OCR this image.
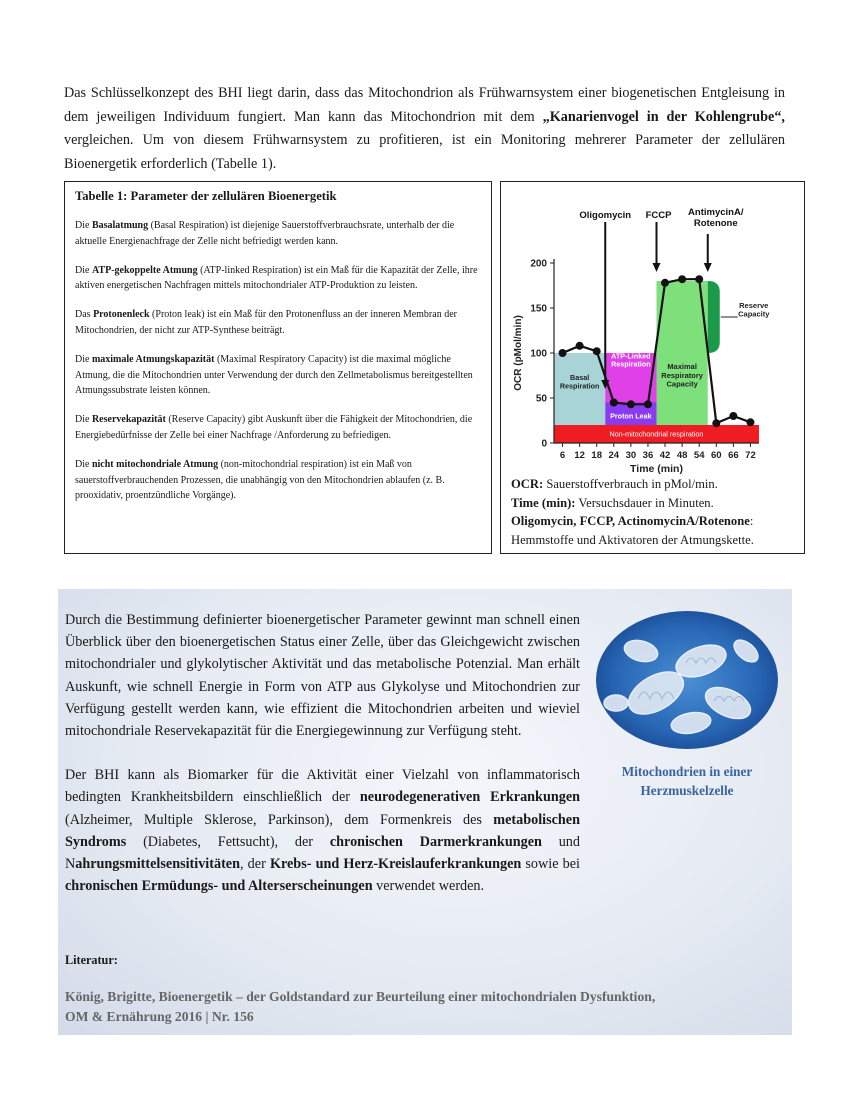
Das Schlüsselkonzept des BHI liegt darin, dass das Mitochondrion als Frühwarnsystem einer biogenetischen Entgleisung in dem jeweiligen Individuum fungiert. Man kann das Mitochondrion mit dem „Kanarienvogel in der Kohlengrube“, vergleichen. Um von diesem Frühwarnsystem zu profitieren, ist ein Monitoring mehrerer Parameter der zellulären Bioenergetik erforderlich (Tabelle 1).
Tabelle 1: Parameter der zellulären Bioenergetik
Die Basalatmung (Basal Respiration) ist diejenige Sauerstoffverbrauchsrate, unterhalb der die aktuelle Energienachfrage der Zelle nicht befriedigt werden kann.
Die ATP-gekoppelte Atmung (ATP-linked Respiration) ist ein Maß für die Kapazität der Zelle, ihre aktiven energetischen Nachfragen mittels mitochondrialer ATP-Produktion zu leisten.
Das Protonenleck (Proton leak) ist ein Maß für den Protonenfluss an der inneren Membran der Mitochondrien, der nicht zur ATP-Synthese beiträgt.
Die maximale Atmungskapazität (Maximal Respiratory Capacity) ist die maximal mögliche Atmung, die die Mitochondrien unter Verwendung der durch den Zellmetabolismus bereitgestellten Atmungssubstrate leisten können.
Die Reservekapazität (Reserve Capacity) gibt Auskunft über die Fähigkeit der Mitochondrien, die Energiebedürfnisse der Zelle bei einer Nachfrage /Anforderung zu befriedigen.
Die nicht mitochondriale Atmung (non-mitochondrial respiration) ist ein Maß von sauerstoffverbrauchenden Prozessen, die unabhängig von den Mitochondrien ablaufen (z. B. prooxidativ, proentzündliche Vorgänge).
Basal Respiration
ATP-Linked Respiration
Proton Leak
Maximal Respiratory Capacity
Non-mitochondrial respiration
Reserve Capacity
0
50
100
150
200
6 12 18 24 30 36 42 48 54 60 66 72
Time (min)
OCR (pMol/min)
Oligomycin FCCP AntimycinA/ Rotenone
OCR: Sauerstoffverbrauch in pMol/min.
Time (min): Versuchsdauer in Minuten.
Oligomycin, FCCP, ActinomycinA/Rotenone: Hemmstoffe und Aktivatoren der Atmungskette.

Durch die Bestimmung definierter bioenergetischer Parameter gewinnt man schnell einen Überblick über den bioenergetischen Status einer Zelle, über das Gleichgewicht zwischen mitochondrialer und glykolytischer Aktivität und das metabolische Potenzial. Man erhält Auskunft, wie schnell Energie in Form von ATP aus Glykolyse und Mitochondrien zur Verfügung gestellt werden kann, wie effizient die Mitochondrien arbeiten und wieviel mitochondriale Reservekapazität für die Energiegewinnung zur Verfügung steht.

Der BHI kann als Biomarker für die Aktivität einer Vielzahl von inflammatorisch bedingten Krankheitsbildern einschließlich der neurodegenerativen Erkrankungen (Alzheimer, Multiple Sklerose, Parkinson), dem Formenkreis des metabolischen Syndroms (Diabetes, Fettsucht), der chronischen Darmerkrankungen und Nahrungsmittelsensitivitäten, der Krebs- und Herz-Kreislauferkrankungen sowie bei chronischen Ermüdungs- und Alterserscheinungen verwendet werden.

Mitochondrien in einer Herzmuskelzelle
Literatur:
König, Brigitte, Bioenergetik – der Goldstandard zur Beurteilung einer mitochondrialen Dysfunktion,
OM & Ernährung 2016 | Nr. 156
